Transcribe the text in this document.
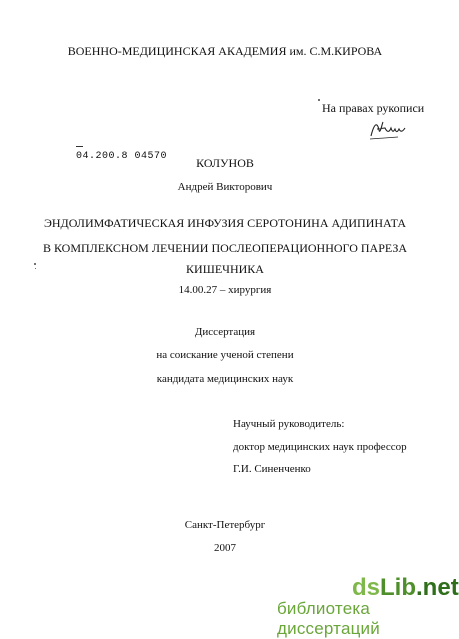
ВОЕННО-МЕДИЦИНСКАЯ АКАДЕМИЯ им. С.М.КИРОВА
На правах рукописи
04.200.8 04570	КОЛУНОВ
Андрей Викторович
ЭНДОЛИМФАТИЧЕСКАЯ ИНФУЗИЯ СЕРОТОНИНА АДИПИНАТА
В КОМПЛЕКСНОМ ЛЕЧЕНИИ ПОСЛЕОПЕРАЦИОННОГО ПАРЕЗА
КИШЕЧНИКА
14.00.27 – хирургия
Диссертация
на соискание ученой степени
кандидата медицинских наук
Научный руководитель:
доктор медицинских наук профессор
Г.И. Синенченко
Санкт-Петербург
2007
dsLib.net
библиотека диссертаций
